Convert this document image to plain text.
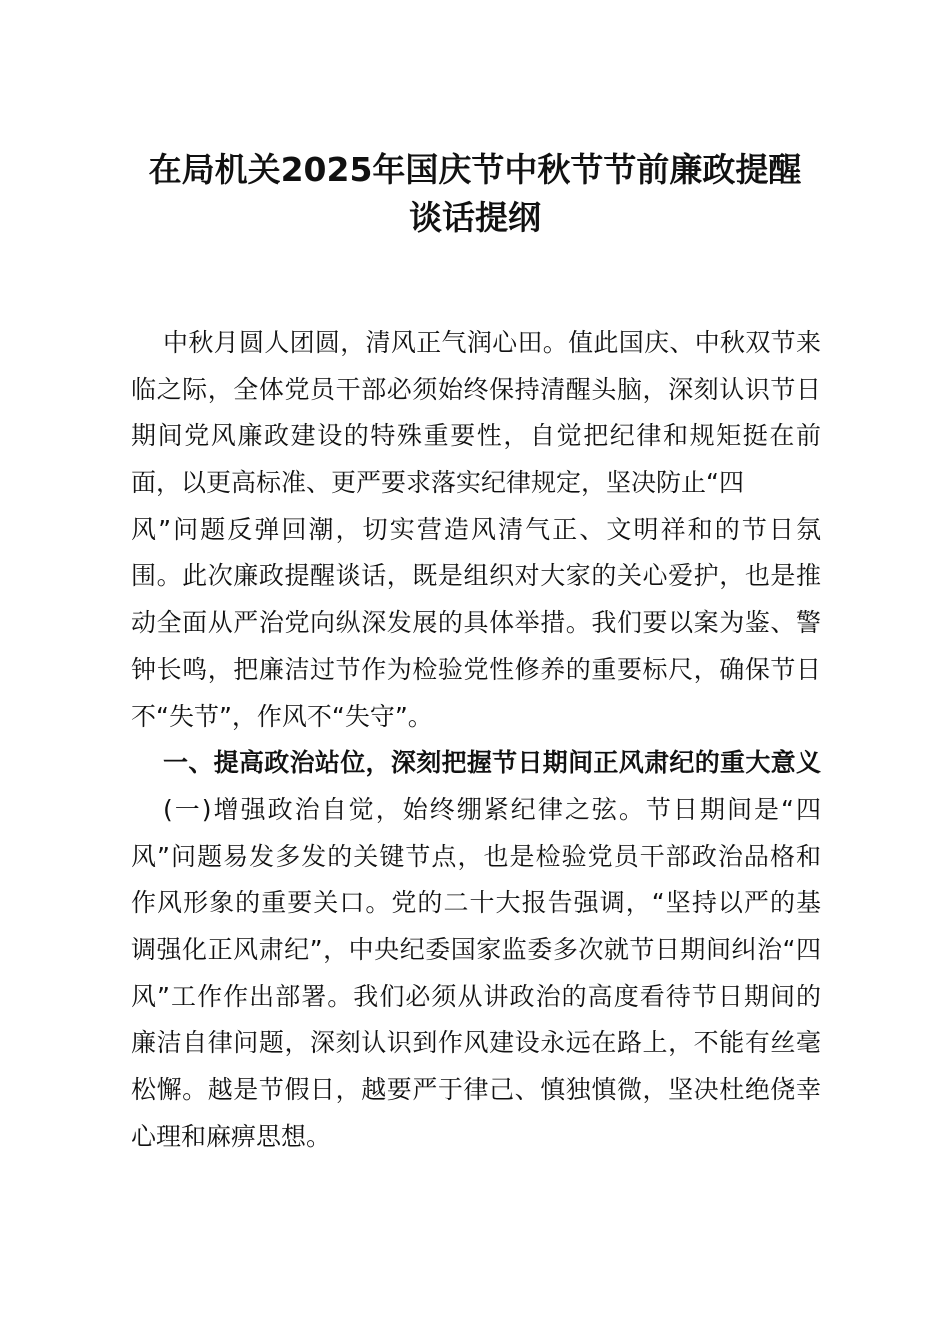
在局机关2025年国庆节中秋节节前廉政提醒
谈话提纲
中秋月圆人团圆，清风正气润心田。值此国庆、中秋双节来
临之际，全体党员干部必须始终保持清醒头脑，深刻认识节日
期间党风廉政建设的特殊重要性，自觉把纪律和规矩挺在前
面，以更高标准、更严要求落实纪律规定，坚决防止“四
风”问题反弹回潮，切实营造风清气正、文明祥和的节日氛
围。此次廉政提醒谈话，既是组织对大家的关心爱护，也是推
动全面从严治党向纵深发展的具体举措。我们要以案为鉴、警
钟长鸣，把廉洁过节作为检验党性修养的重要标尺，确保节日
不“失节”，作风不“失守”。
一、提高政治站位，深刻把握节日期间正风肃纪的重大意义
(一)增强政治自觉，始终绷紧纪律之弦。节日期间是“四
风”问题易发多发的关键节点，也是检验党员干部政治品格和
作风形象的重要关口。党的二十大报告强调，“坚持以严的基
调强化正风肃纪”，中央纪委国家监委多次就节日期间纠治“四
风”工作作出部署。我们必须从讲政治的高度看待节日期间的
廉洁自律问题，深刻认识到作风建设永远在路上，不能有丝毫
松懈。越是节假日，越要严于律己、慎独慎微，坚决杜绝侥幸
心理和麻痹思想。
